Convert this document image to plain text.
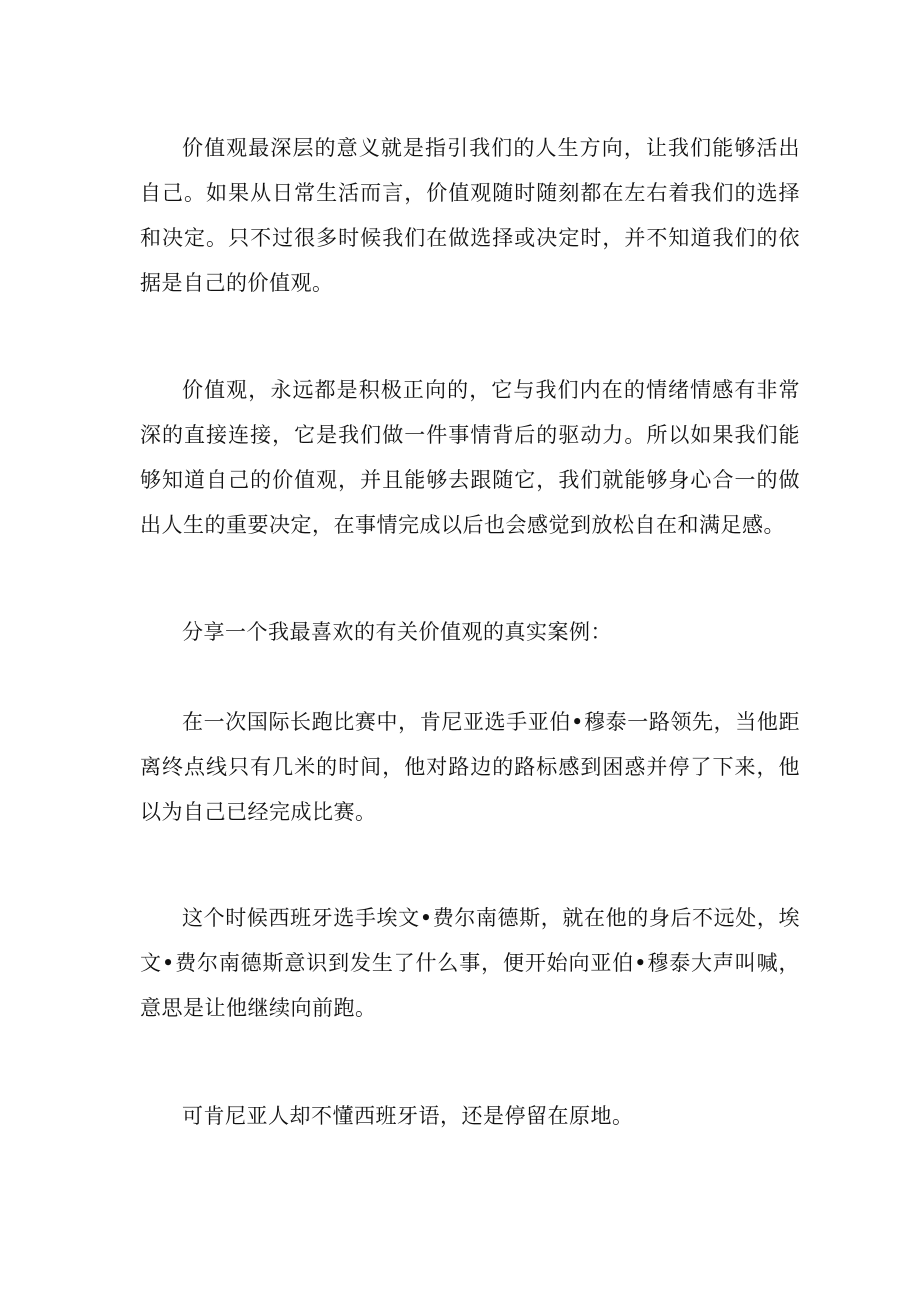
价值观最深层的意义就是指引我们的人生方向，让我们能够活出自己。如果从日常生活而言，价值观随时随刻都在左右着我们的选择和决定。只不过很多时候我们在做选择或决定时，并不知道我们的依据是自己的价值观。

价值观，永远都是积极正向的，它与我们内在的情绪情感有非常深的直接连接，它是我们做一件事情背后的驱动力。所以如果我们能够知道自己的价值观，并且能够去跟随它，我们就能够身心合一的做出人生的重要决定，在事情完成以后也会感觉到放松自在和满足感。

分享一个我最喜欢的有关价值观的真实案例：

在一次国际长跑比赛中，肯尼亚选手亚伯•穆泰一路领先，当他距离终点线只有几米的时间，他对路边的路标感到困惑并停了下来，他以为自己已经完成比赛。

这个时候西班牙选手埃文•费尔南德斯，就在他的身后不远处，埃文•费尔南德斯意识到发生了什么事，便开始向亚伯•穆泰大声叫喊，意思是让他继续向前跑。

可肯尼亚人却不懂西班牙语，还是停留在原地。
